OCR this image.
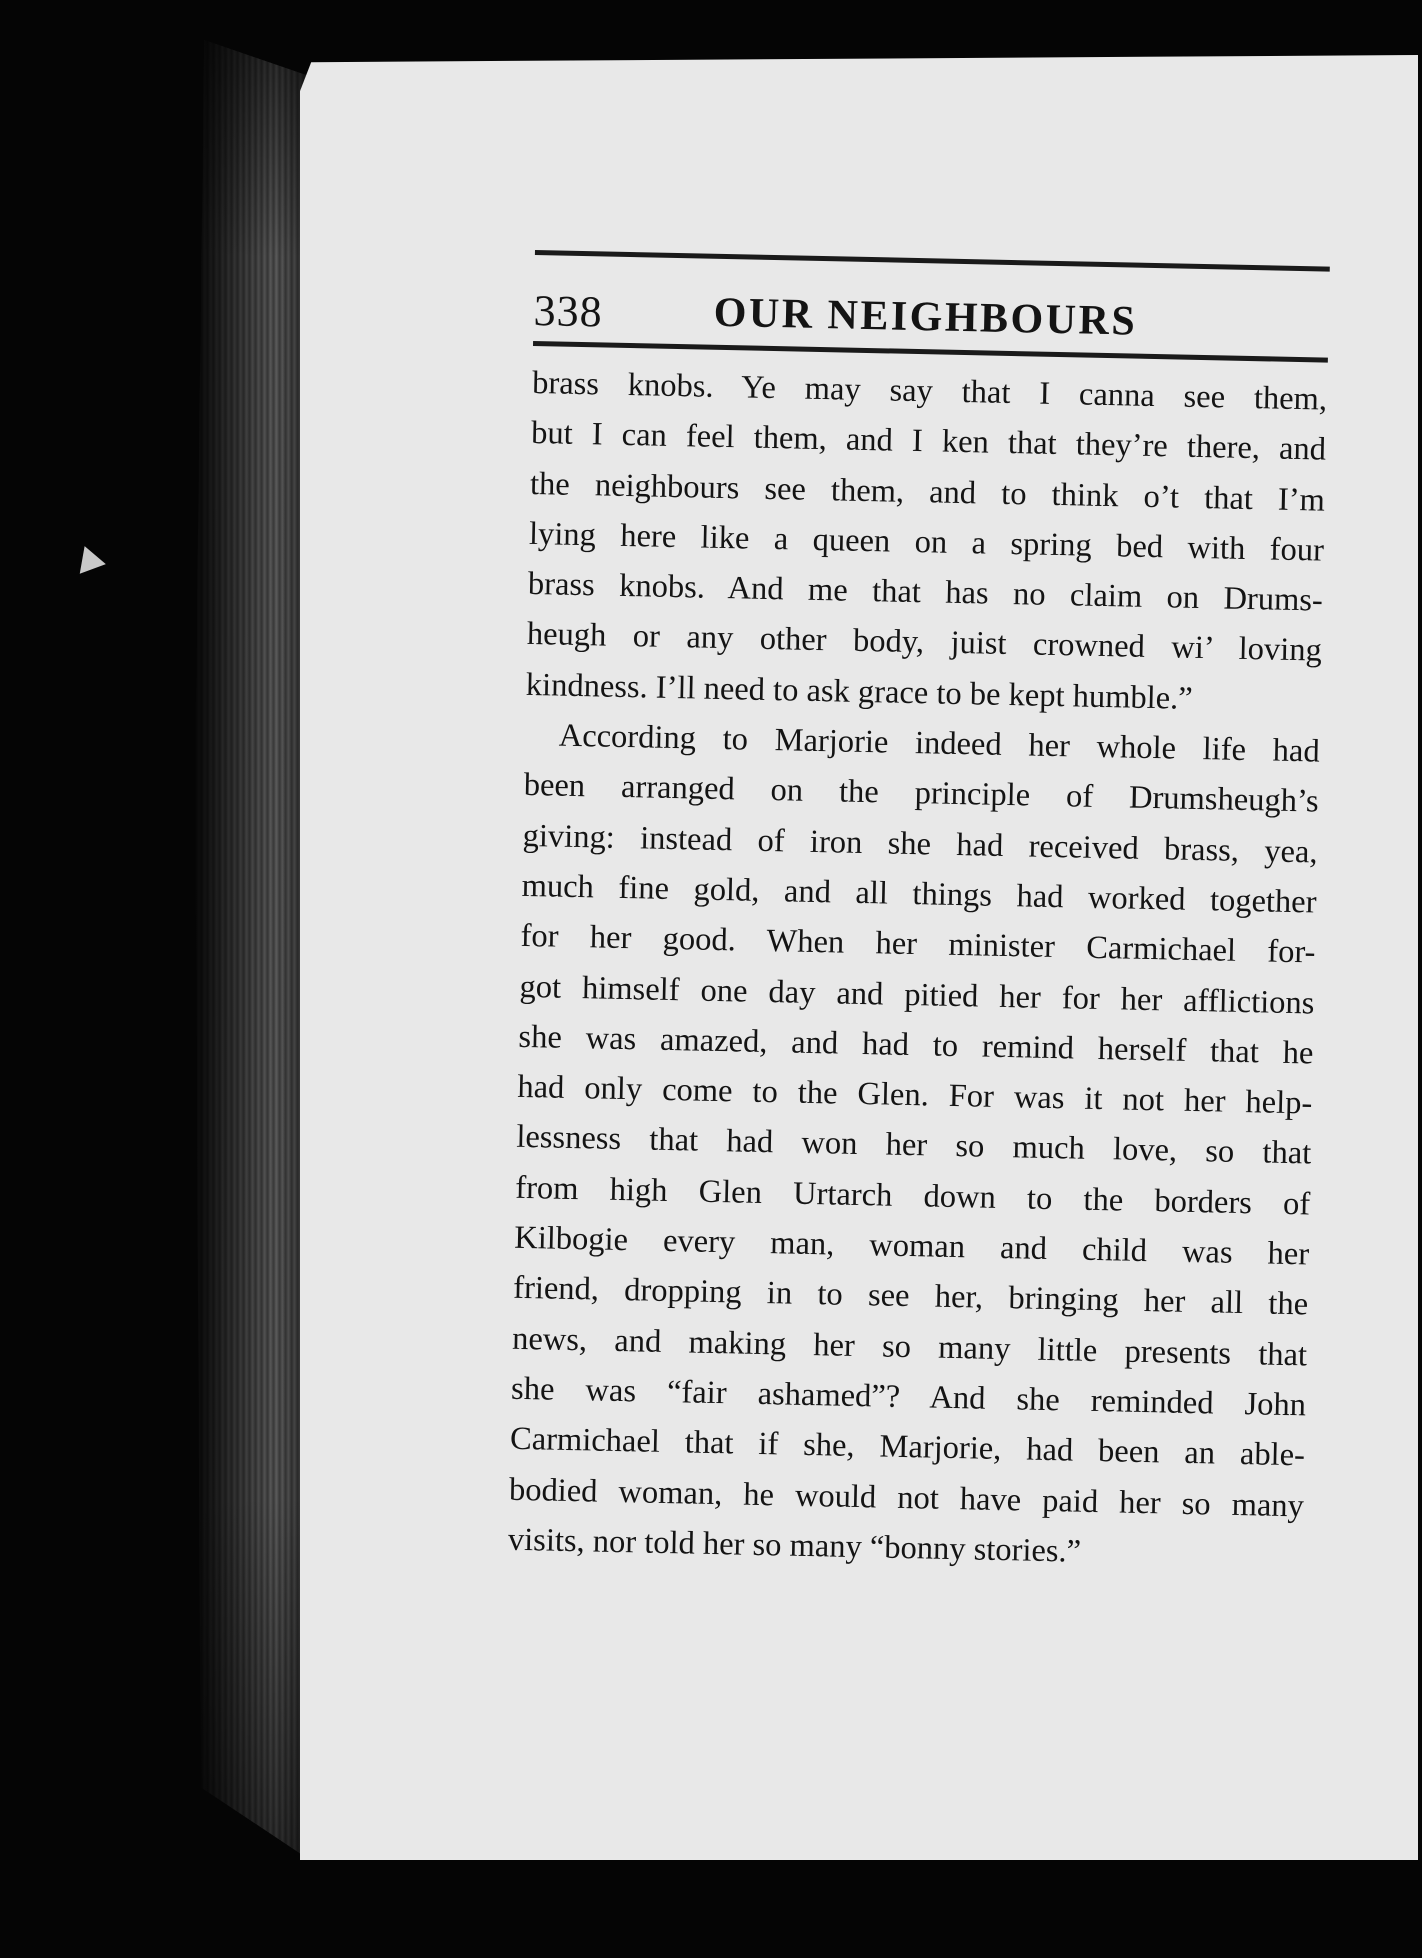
338	OUR NEIGHBOURS
brass knobs. Ye may say that I canna see them,
but I can feel them, and I ken that they’re there, and
the neighbours see them, and to think o’t that I’m
lying here like a queen on a spring bed with four
brass knobs. And me that has no claim on Drums-
heugh or any other body, juist crowned wi’ loving
kindness. I’ll need to ask grace to be kept humble.”
According to Marjorie indeed her whole life had
been arranged on the principle of Drumsheugh’s
giving: instead of iron she had received brass, yea,
much fine gold, and all things had worked together
for her good. When her minister Carmichael for-
got himself one day and pitied her for her afflictions
she was amazed, and had to remind herself that he
had only come to the Glen. For was it not her help-
lessness that had won her so much love, so that
from high Glen Urtarch down to the borders of
Kilbogie every man, woman and child was her
friend, dropping in to see her, bringing her all the
news, and making her so many little presents that
she was “fair ashamed”? And she reminded John
Carmichael that if she, Marjorie, had been an able-
bodied woman, he would not have paid her so many
visits, nor told her so many “bonny stories.”
